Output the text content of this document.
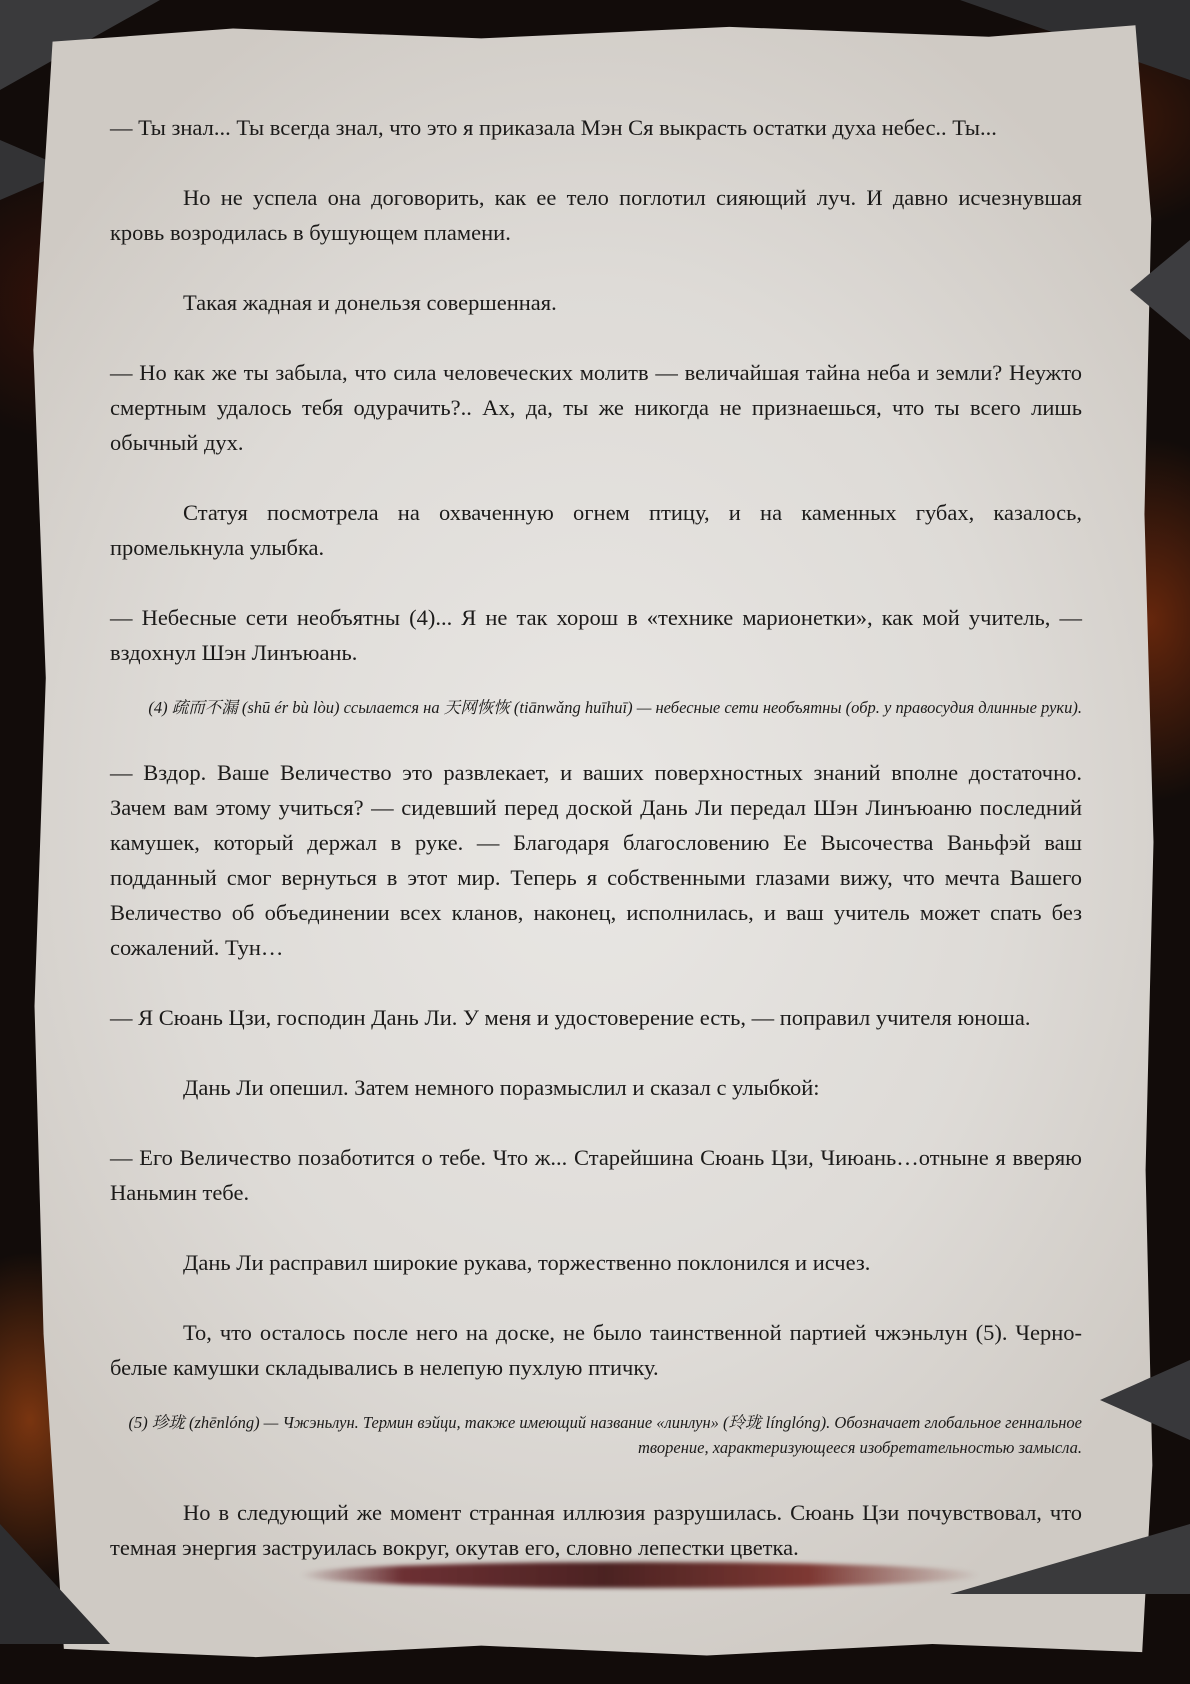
— Ты знал... Ты всегда знал, что это я приказала Мэн Ся выкрасть остатки духа небес.. Ты...

Но не успела она договорить, как ее тело поглотил сияющий луч. И давно исчезнувшая кровь возродилась в бушующем пламени.

Такая жадная и донельзя совершенная.

— Но как же ты забыла, что сила человеческих молитв — величайшая тайна неба и земли? Неужто смертным удалось тебя одурачить?.. Ах, да, ты же никогда не признаешься, что ты всего лишь обычный дух.

Статуя посмотрела на охваченную огнем птицу, и на каменных губах, казалось, промелькнула улыбка.

— Небесные сети необъятны (4)... Я не так хорош в «технике марионетки», как мой учитель, — вздохнул Шэн Линъюань.

(4) 疏而不漏 (shū ér bù lòu) ссылается на 天网恢恢 (tiānwǎng huīhuī) — небесные сети необъятны (обр. у правосудия длинные руки).

— Вздор. Ваше Величество это развлекает, и ваших поверхностных знаний вполне достаточно. Зачем вам этому учиться? — сидевший перед доской Дань Ли передал Шэн Линъюаню последний камушек, который держал в руке. — Благодаря благословению Ее Высочества Ваньфэй ваш подданный смог вернуться в этот мир. Теперь я собственными глазами вижу, что мечта Вашего Величество об объединении всех кланов, наконец, исполнилась, и ваш учитель может спать без сожалений. Тун…

— Я Сюань Цзи, господин Дань Ли. У меня и удостоверение есть, — поправил учителя юноша.

Дань Ли опешил. Затем немного поразмыслил и сказал с улыбкой:

— Его Величество позаботится о тебе. Что ж... Старейшина Сюань Цзи, Чиюань…отныне я вверяю Наньмин тебе.

Дань Ли расправил широкие рукава, торжественно поклонился и исчез.

То, что осталось после него на доске, не было таинственной партией чжэньлун (5). Черно-белые камушки складывались в нелепую пухлую птичку.

(5) 珍珑 (zhēnlóng) — Чжэньлун. Термин вэйци, также имеющий название «линлун» (玲珑 línglóng). Обозначает глобальное геннальное творение, характеризующееся изобретательностью замысла.

Но в следующий же момент странная иллюзия разрушилась. Сюань Цзи почувствовал, что темная энергия заструилась вокруг, окутав его, словно лепестки цветка.
